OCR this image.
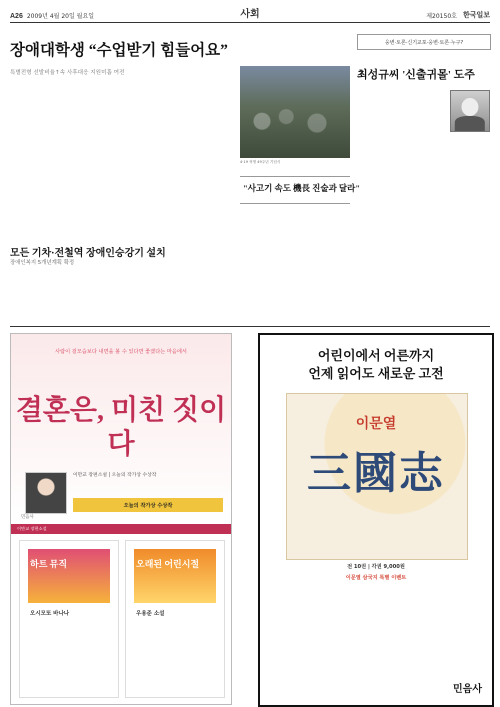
A26 2009년 4월 20일 월요일	사회	제20150호 한국일보
장애대학생 “수업받기 힘들어요”
특별전형 선발비율↑속 사후대응 지원미흡 여전
4·19 혁명 49주년 기념식
"사고기 속도 機長 진술과 달라"
모든 기차·전철역 장애인승강기 설치
장애인복지 5개년계획 확정
웅변·토론·신기교포·웅변·토론·누구?
최성규씨 '신출귀몰' 도주
사람이 겉모습보다 내면을 볼 수 있다면 좋겠다는 마음에서
결혼은, 미친 짓이다
이만교 장편소설 | 오늘의 작가상 수상작
오늘의 작가상 수상작
민음사
이만교 장편소설
하트 뮤직
오시모또 바나나
오래된 어린시절
우용준 소설
어린이에서 어른까지
언제 읽어도 새로운 고전
이문열
三國志
전 10권 | 각권 9,000원
이문열 삼국지 특별 이벤트
민음사
